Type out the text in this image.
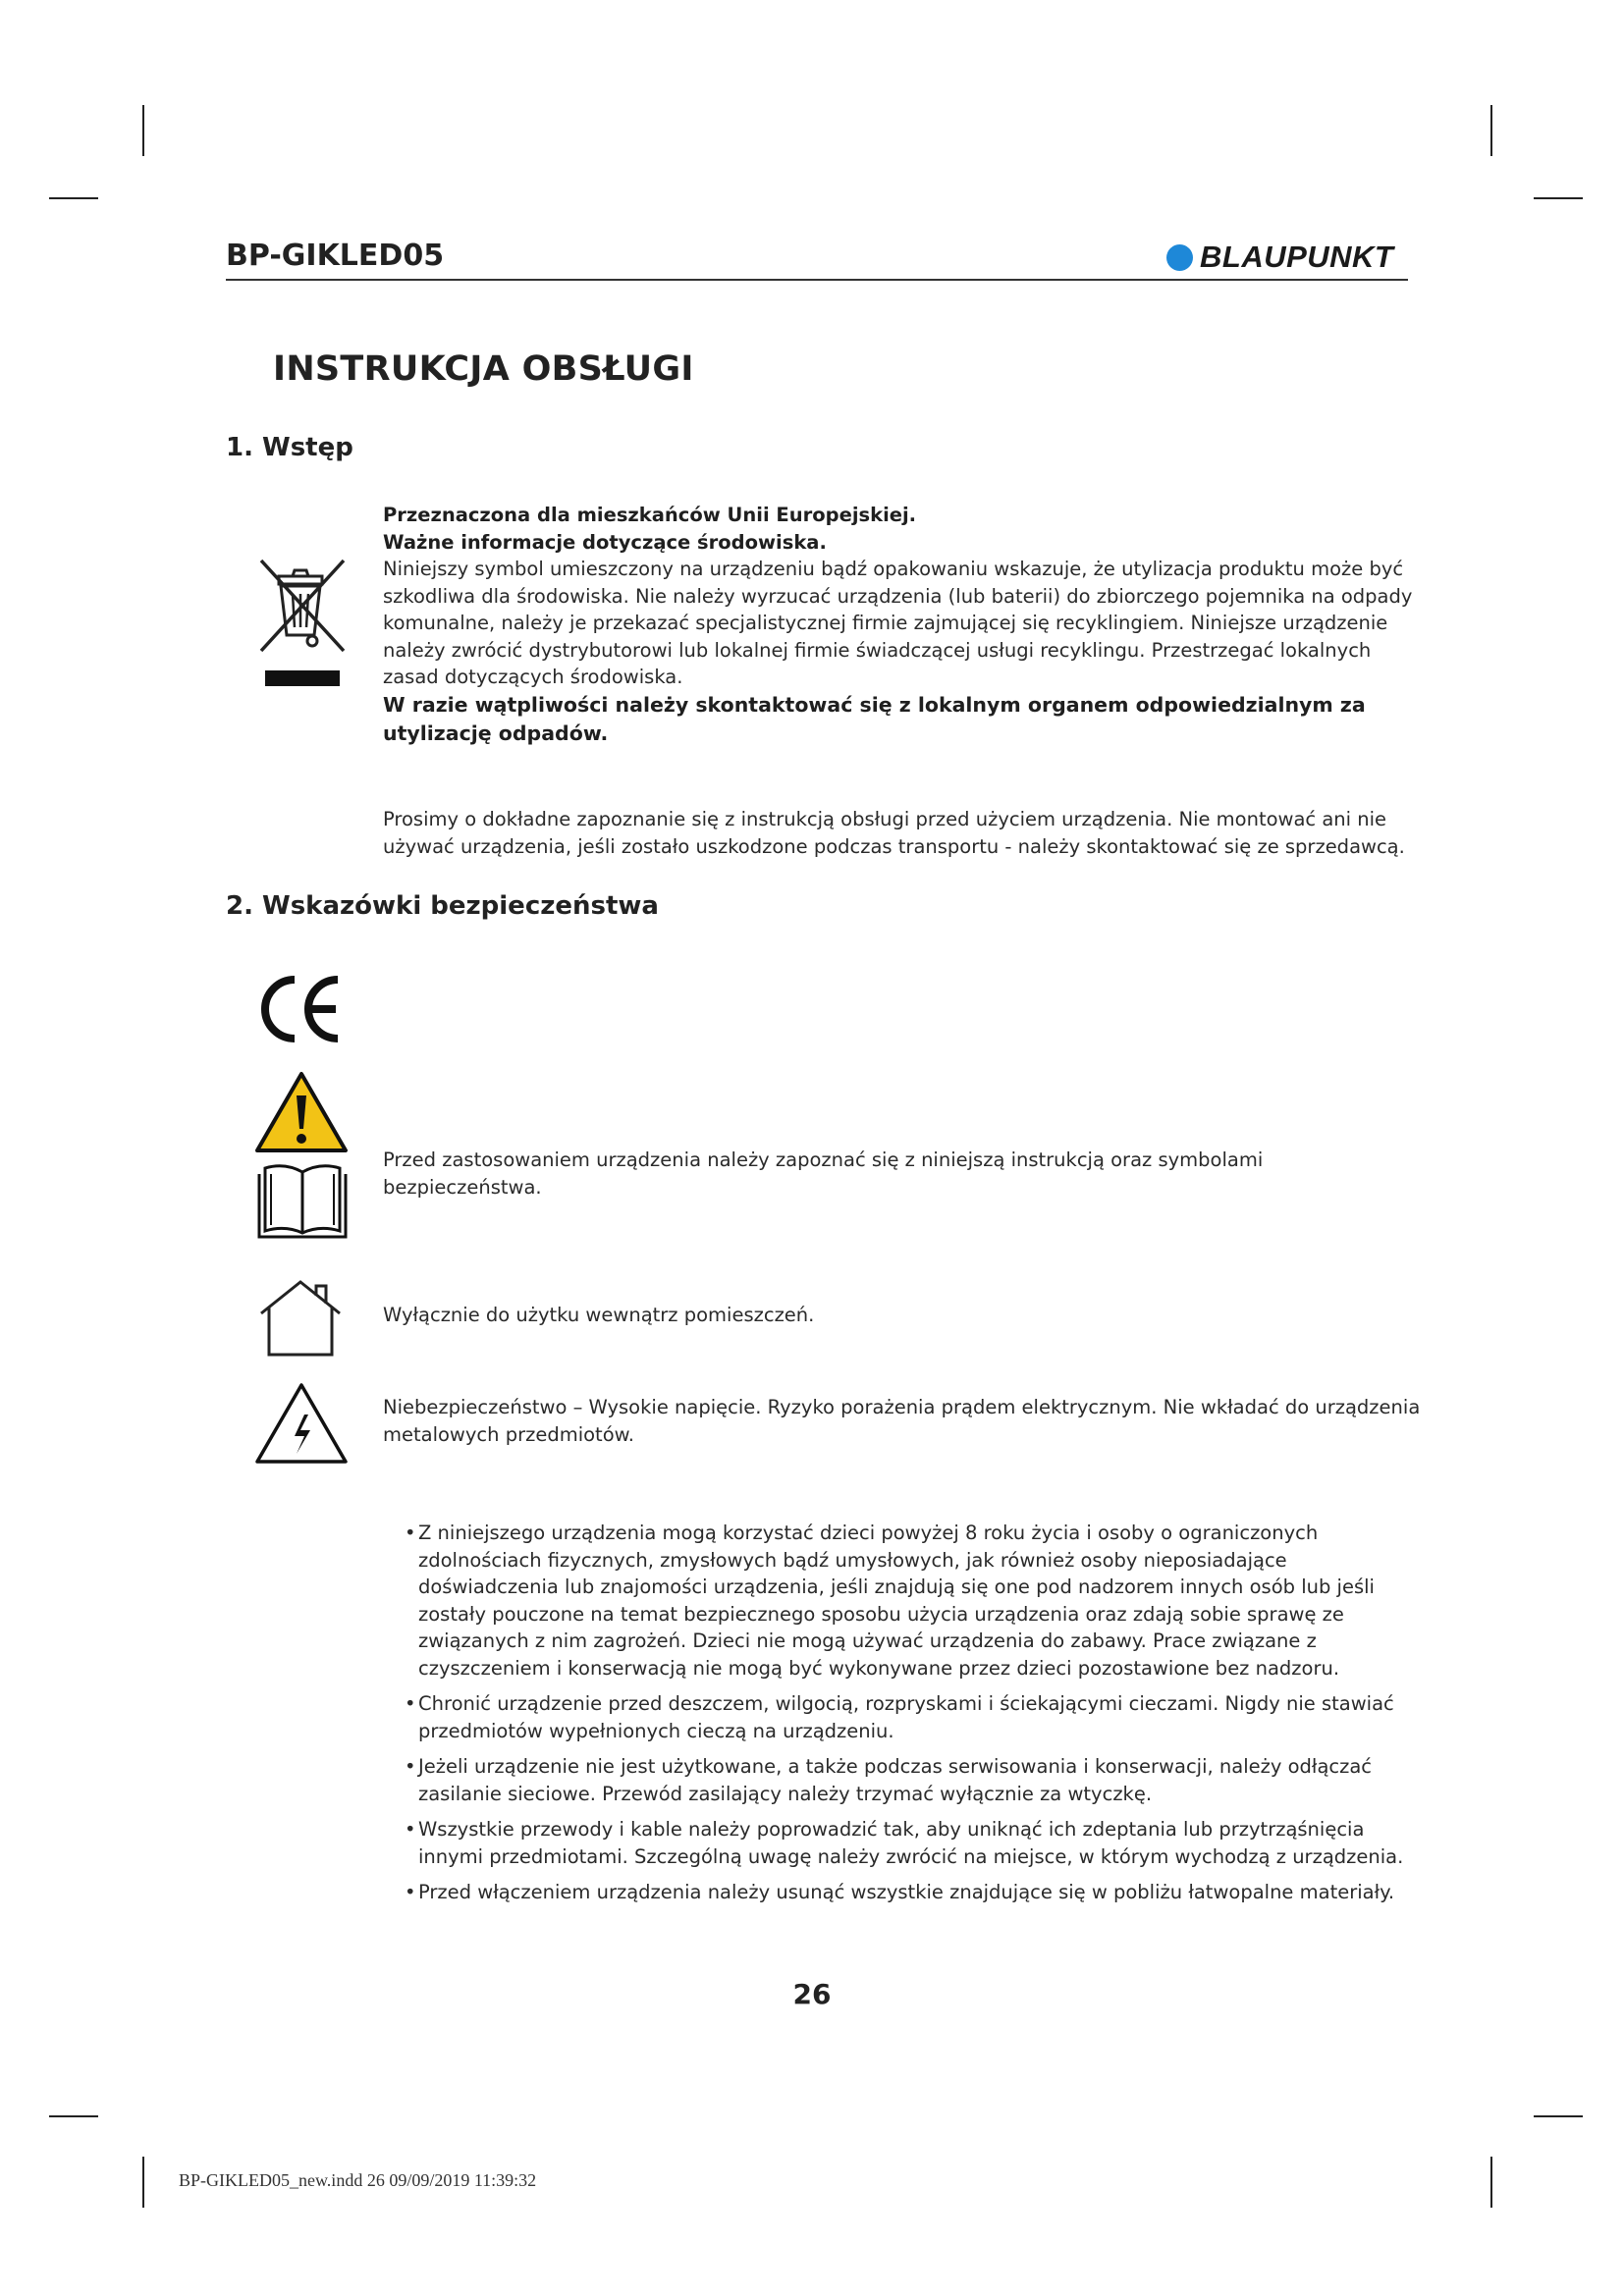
BP-GIKLED05	BLAUPUNKT
INSTRUKCJA OBSŁUGI
1. Wstęp
Przeznaczona dla mieszkańców Unii Europejskiej.
Ważne informacje dotyczące środowiska.
Niniejszy symbol umieszczony na urządzeniu bądź opakowaniu wskazuje, że utylizacja produktu może być szkodliwa dla środowiska. Nie należy wyrzucać urządzenia (lub baterii) do zbiorczego pojemnika na odpady komunalne, należy je przekazać specjalistycznej firmie zajmującej się recyklingiem. Niniejsze urządzenie należy zwrócić dystrybutorowi lub lokalnej firmie świadczącej usługi recyklingu. Przestrzegać lokalnych zasad dotyczących środowiska.
W razie wątpliwości należy skontaktować się z lokalnym organem odpowiedzialnym za utylizację odpadów.
Prosimy o dokładne zapoznanie się z instrukcją obsługi przed użyciem urządzenia. Nie montować ani nie używać urządzenia, jeśli zostało uszkodzone podczas transportu - należy skontaktować się ze sprzedawcą.
2. Wskazówki bezpieczeństwa
Przed zastosowaniem urządzenia należy zapoznać się z niniejszą instrukcją oraz symbolami bezpieczeństwa.
Wyłącznie do użytku wewnątrz pomieszczeń.
Niebezpieczeństwo – Wysokie napięcie. Ryzyko porażenia prądem elektrycznym. Nie wkładać do urządzenia metalowych przedmiotów.
• Z niniejszego urządzenia mogą korzystać dzieci powyżej 8 roku życia i osoby o ograniczonych zdolnościach fizycznych, zmysłowych bądź umysłowych, jak również osoby nieposiadające doświadczenia lub znajomości urządzenia, jeśli znajdują się one pod nadzorem innych osób lub jeśli zostały pouczone na temat bezpiecznego sposobu użycia urządzenia oraz zdają sobie sprawę ze związanych z nim zagrożeń. Dzieci nie mogą używać urządzenia do zabawy. Prace związane z czyszczeniem i konserwacją nie mogą być wykonywane przez dzieci pozostawione bez nadzoru.
• Chronić urządzenie przed deszczem, wilgocią, rozpryskami i ściekającymi cieczami. Nigdy nie stawiać przedmiotów wypełnionych cieczą na urządzeniu.
• Jeżeli urządzenie nie jest użytkowane, a także podczas serwisowania i konserwacji, należy odłączać zasilanie sieciowe. Przewód zasilający należy trzymać wyłącznie za wtyczkę.
• Wszystkie przewody i kable należy poprowadzić tak, aby uniknąć ich zdeptania lub przytrząśnięcia innymi przedmiotami. Szczególną uwagę należy zwrócić na miejsce, w którym wychodzą z urządzenia.
• Przed włączeniem urządzenia należy usunąć wszystkie znajdujące się w pobliżu łatwopalne materiały.
26
BP-GIKLED05_new.indd 26 09/09/2019 11:39:32
